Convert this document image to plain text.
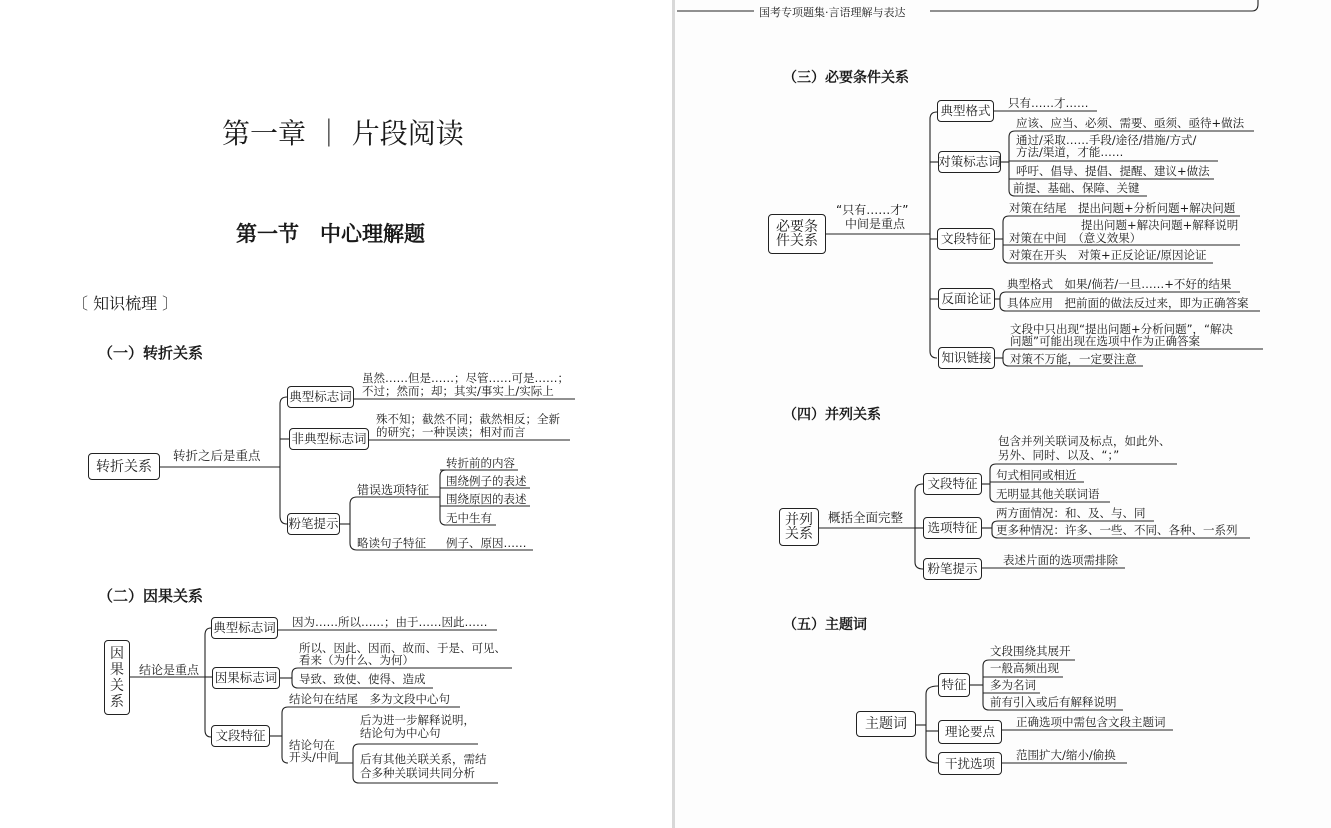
第一章 ｜ 片段阅读
第一节　中心理解题
〔 知识梳理 〕
（一）转折关系
转折关系
转折之后是重点
典型标志词
虽然……但是……；尽管……可是……；
不过；然而；却；其实/事实上/实际上
非典型标志词
殊不知；截然不同；截然相反；全新
的研究；一种误读；相对而言
粉笔提示
错误选项特征
转折前的内容
围绕例子的表述
围绕原因的表述
无中生有
略读句子特征 例子、原因……
（二）因果关系
因果关系
结论是重点
典型标志词 因为……所以……；由于……因此……
因果标志词
所以、因此、因而、故而、于是、可见、
看来（为什么、为何）
导致、致使、使得、造成
文段特征
结论句在结尾　多为文段中心句
结论句在
开头/中间
后为进一步解释说明，
结论句为中心句
后有其他关联关系，需结
合多种关联词共同分析
国考专项题集·言语理解与表达
（三）必要条件关系
必要条
件关系
“只有……才”
中间是重点
典型格式	只有……才……
对策标志词
应该、应当、必须、需要、亟须、亟待+做法
通过/采取……手段/途径/措施/方式/
方法/渠道，才能……
呼吁、倡导、提倡、提醒、建议+做法
前提、基础、保障、关键
文段特征
对策在结尾　提出问题+分析问题+解决问题
提出问题+解决问题+解释说明
对策在中间　（意义效果）
对策在开头　对策+正反论证/原因论证
反面论证
典型格式　如果/倘若/一旦……+不好的结果
具体应用　把前面的做法反过来，即为正确答案
知识链接
文段中只出现“提出问题+分析问题”，“解决
问题”可能出现在选项中作为正确答案
对策不万能，一定要注意
（四）并列关系
并列
关系
概括全面完整
文段特征
包含并列关联词及标点，如此外、
另外、同时、以及、“；”
句式相同或相近
无明显其他关联词语
选项特征
两方面情况：和、及、与、同
更多种情况：许多、一些、不同、各种、一系列
粉笔提示
表述片面的选项需排除
（五）主题词
主题词
特征
文段围绕其展开
一般高频出现
多为名词
前有引入或后有解释说明
理论要点
正确选项中需包含文段主题词
干扰选项
范围扩大/缩小/偷换
